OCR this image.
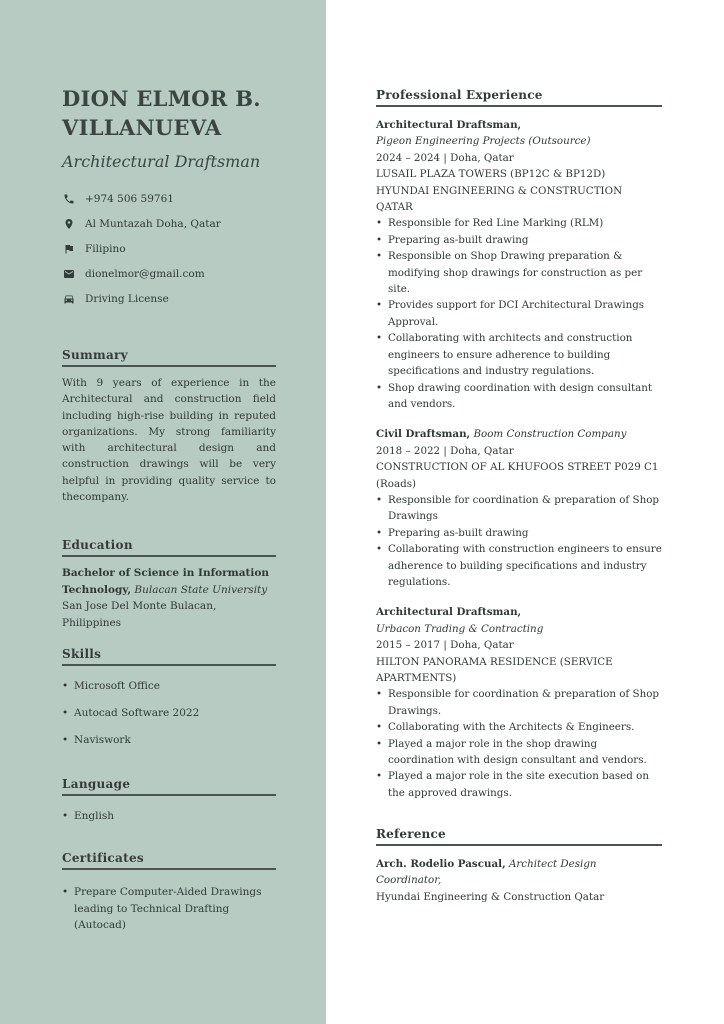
DION ELMOR B.
VILLANUEVA
Architectural Draftsman
+974 506 59761
Al Muntazah Doha, Qatar
Filipino
dionelmor@gmail.com
Driving License
Summary

With 9 years of experience in the Architectural and construction field including high-rise building in reputed organizations. My strong familiarity with architectural design and construction drawings will be very helpful in providing quality service to thecompany.

Education

Bachelor of Science in Information Technology, Bulacan State University

San Jose Del Monte Bulacan, Philippines

Skills
• Microsoft Office
• Autocad Software 2022
• Naviswork
Language
• English
Certificates
• Prepare Computer-Aided Drawings leading to Technical Drafting (Autocad)
Professional Experience
Architectural Draftsman,
Pigeon Engineering Projects (Outsource)
2024 – 2024 | Doha, Qatar
LUSAIL PLAZA TOWERS (BP12C & BP12D)
HYUNDAI ENGINEERING & CONSTRUCTION QATAR
• Responsible for Red Line Marking (RLM)
• Preparing as-built drawing
• Responsible on Shop Drawing preparation & modifying shop drawings for construction as per site.
• Provides support for DCI Architectural Drawings Approval.
• Collaborating with architects and construction engineers to ensure adherence to building specifications and industry regulations.
• Shop drawing coordination with design consultant and vendors.
Civil Draftsman, Boom Construction Company
2018 – 2022 | Doha, Qatar
CONSTRUCTION OF AL KHUFOOS STREET P029 C1 (Roads)
• Responsible for coordination & preparation of Shop Drawings
• Preparing as-built drawing
• Collaborating with construction engineers to ensure adherence to building specifications and industry regulations.
Architectural Draftsman,
Urbacon Trading & Contracting
2015 – 2017 | Doha, Qatar
HILTON PANORAMA RESIDENCE (SERVICE APARTMENTS)
• Responsible for coordination & preparation of Shop Drawings.
• Collaborating with the Architects & Engineers.
• Played a major role in the shop drawing coordination with design consultant and vendors.
• Played a major role in the site execution based on the approved drawings.
Reference
Arch. Rodelio Pascual, Architect Design Coordinator,
Hyundai Engineering & Construction Qatar
